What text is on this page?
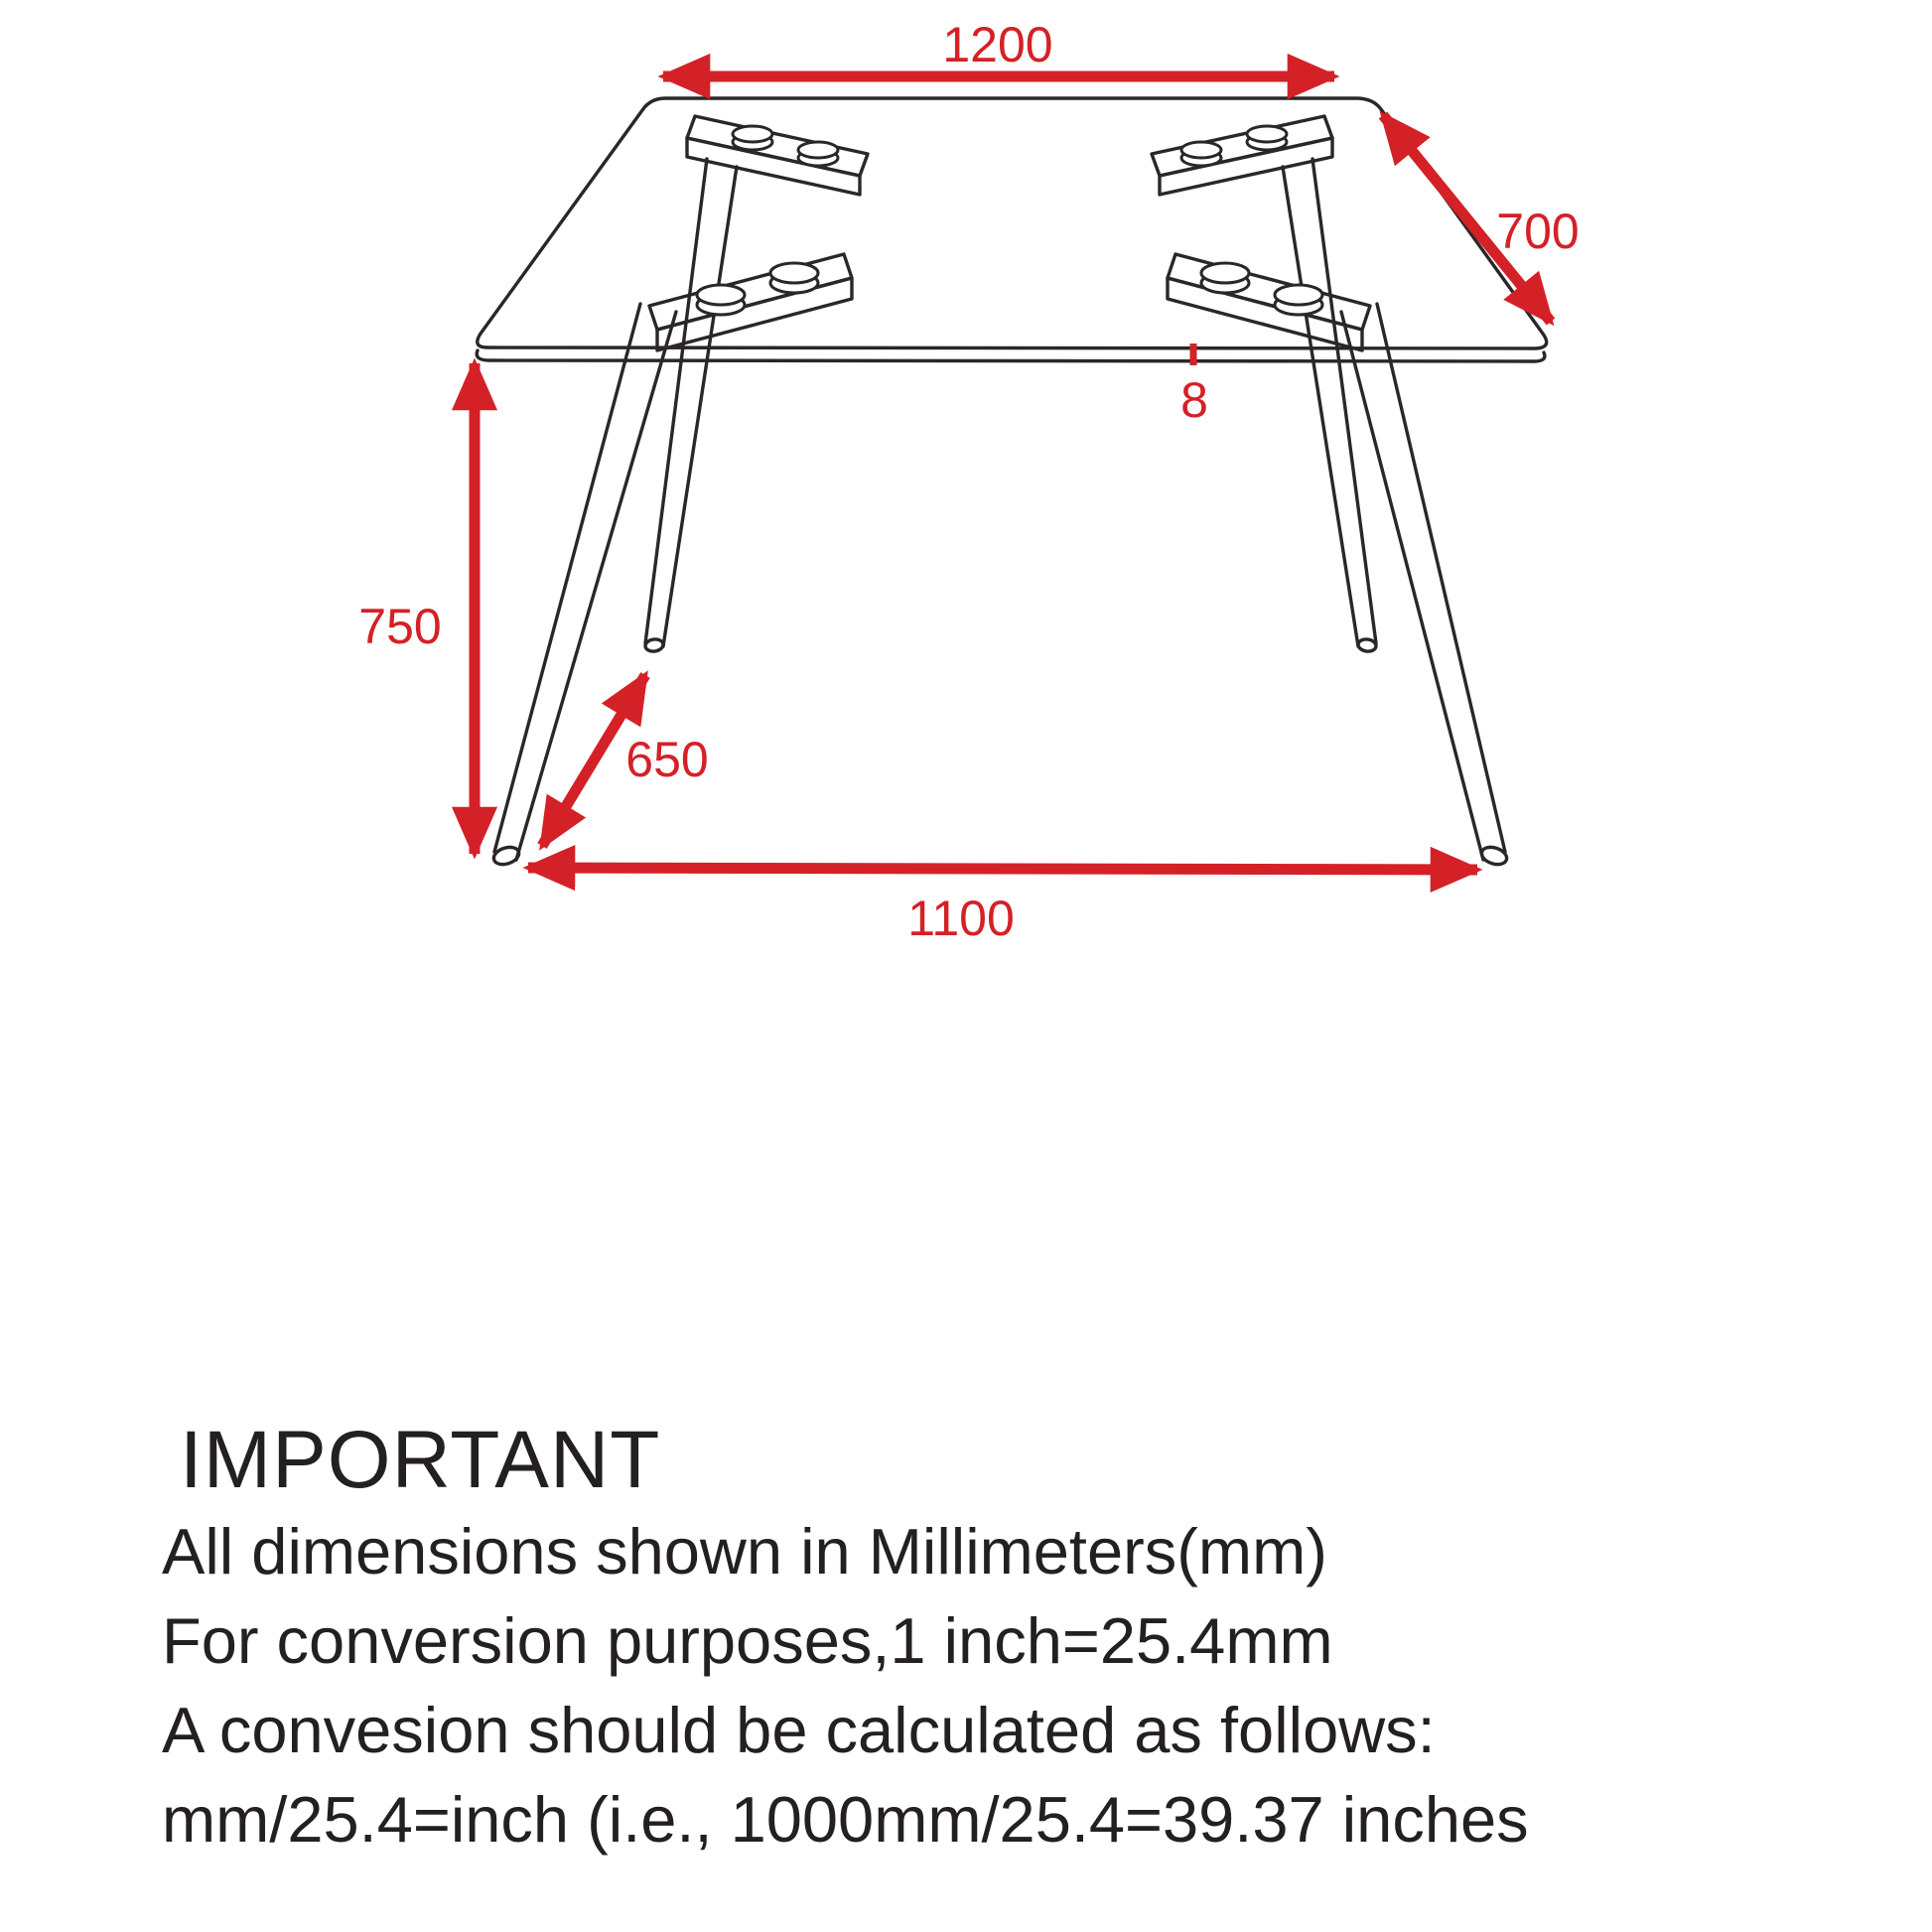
1200
700
8
750
650
1100
IMPORTANT
All dimensions shown in Millimeters(mm)
For conversion purposes,1 inch=25.4mm
A convesion should be calculated as follows:
mm/25.4=inch (i.e., 1000mm/25.4=39.37 inches
